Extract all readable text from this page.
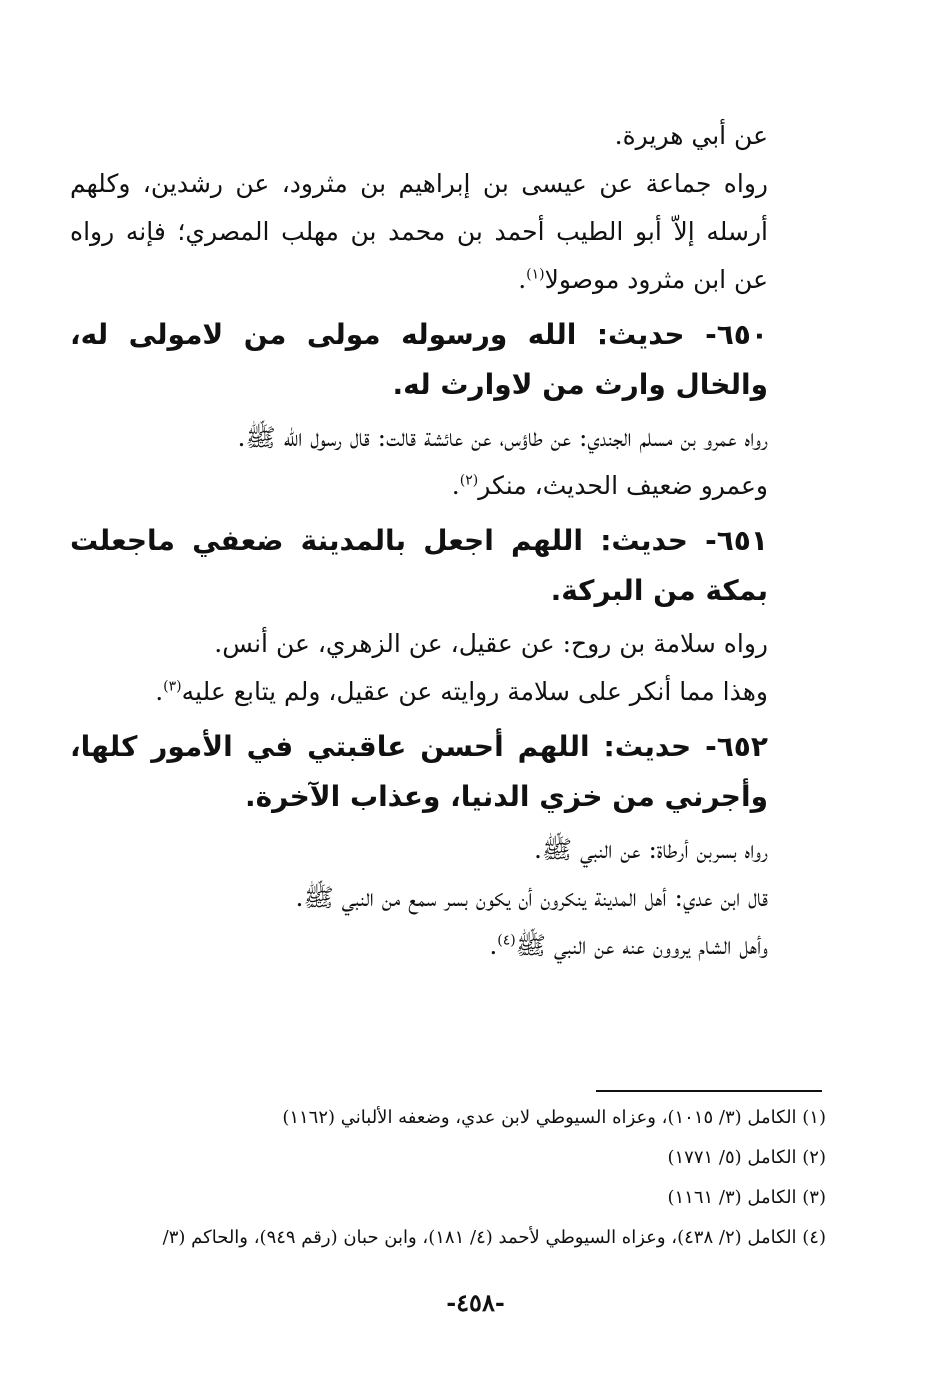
عن أبي هريرة.

رواه جماعة عن عيسى بن إبراهيم بن مثرود، عن رشدين، وكلهم أرسله إلاّ أبو الطيب أحمد بن محمد بن مهلب المصري؛ فإنه رواه عن ابن مثرود موصولا$^{(١)}$.

٦٥٠- حديث: الله ورسوله مولى من لامولى له، والخال وارث من لاوارث له.

رواه عمرو بن مسلم الجندي: عن طاؤس، عن عائشة قالت: قال رسول الله ﷺ.

وعمرو ضعيف الحديث، منكر$^{(٢)}$.

٦٥١- حديث: اللهم اجعل بالمدينة ضعفي ماجعلت بمكة من البركة.

رواه سلامة بن روح: عن عقيل، عن الزهري، عن أنس.

وهذا مما أنكر على سلامة روايته عن عقيل، ولم يتابع عليه$^{(٣)}$.

٦٥٢- حديث: اللهم أحسن عاقبتي في الأمور كلها، وأجرني من خزي الدنيا، وعذاب الآخرة.

رواه بسربن أرطاة: عن النبي ﷺ.

قال ابن عدي: أهل المدينة ينكرون أن يكون بسر سمع من النبي ﷺ.

وأهل الشام يروون عنه عن النبي ﷺ$^{(٤)}$.

(١) الكامل (٣/ ١٠١٥)، وعزاه السيوطي لابن عدي، وضعفه الألباني (١١٦٢)

(٢) الكامل (٥/ ١٧٧١)

(٣) الكامل (٣/ ١١٦١)

(٤) الكامل (٢/ ٤٣٨)، وعزاه السيوطي لأحمد (٤/ ١٨١)، وابن حبان (رقم ٩٤٩)، والحاكم (٣/

-٤٥٨-
